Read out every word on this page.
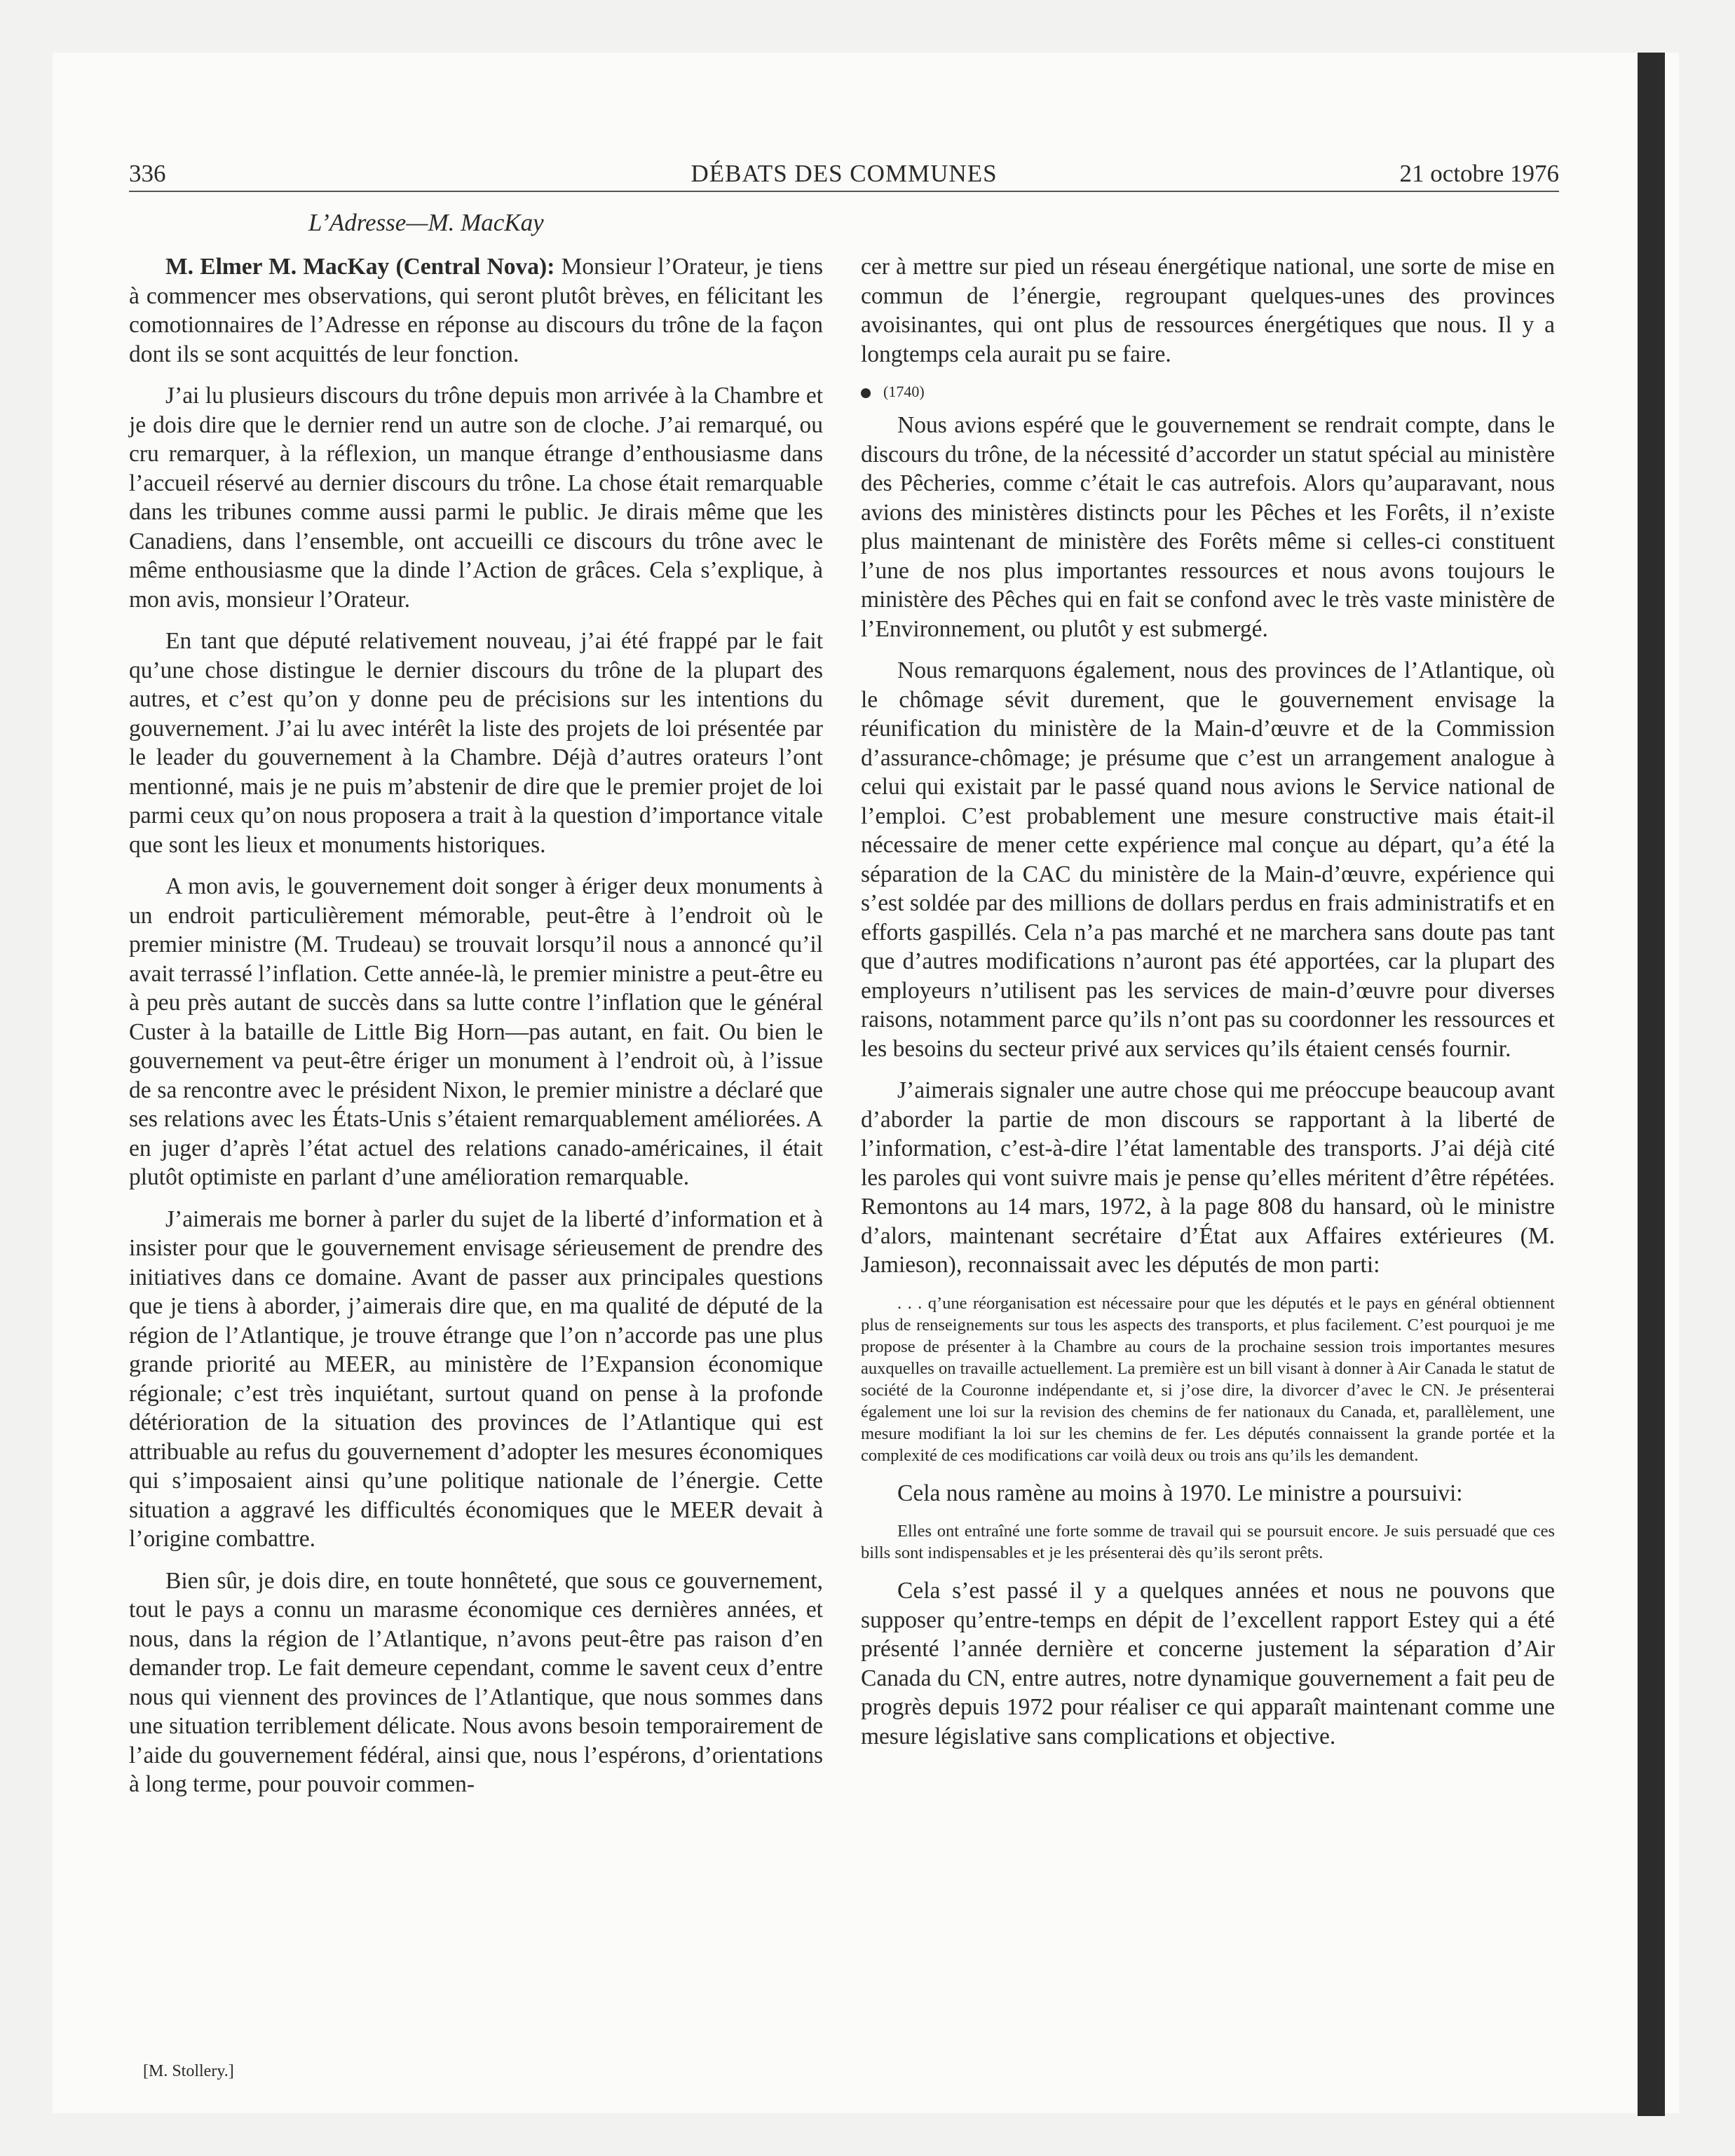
336	DÉBATS DES COMMUNES	21 octobre 1976
L’Adresse—M. MacKay

M. Elmer M. MacKay (Central Nova): Monsieur l’Orateur, je tiens à commencer mes observations, qui seront plutôt brèves, en félicitant les comotionnaires de l’Adresse en réponse au discours du trône de la façon dont ils se sont acquittés de leur fonction.

J’ai lu plusieurs discours du trône depuis mon arrivée à la Chambre et je dois dire que le dernier rend un autre son de cloche. J’ai remarqué, ou cru remarquer, à la réflexion, un manque étrange d’enthousiasme dans l’accueil réservé au dernier discours du trône. La chose était remarquable dans les tribunes comme aussi parmi le public. Je dirais même que les Canadiens, dans l’ensemble, ont accueilli ce discours du trône avec le même enthousiasme que la dinde l’Action de grâces. Cela s’explique, à mon avis, monsieur l’Orateur.

En tant que député relativement nouveau, j’ai été frappé par le fait qu’une chose distingue le dernier discours du trône de la plupart des autres, et c’est qu’on y donne peu de précisions sur les intentions du gouvernement. J’ai lu avec intérêt la liste des projets de loi présentée par le leader du gouvernement à la Chambre. Déjà d’autres orateurs l’ont mentionné, mais je ne puis m’abstenir de dire que le premier projet de loi parmi ceux qu’on nous proposera a trait à la question d’importance vitale que sont les lieux et monuments historiques.

A mon avis, le gouvernement doit songer à ériger deux monuments à un endroit particulièrement mémorable, peut-être à l’endroit où le premier ministre (M. Trudeau) se trouvait lorsqu’il nous a annoncé qu’il avait terrassé l’inflation. Cette année-là, le premier ministre a peut-être eu à peu près autant de succès dans sa lutte contre l’inflation que le général Custer à la bataille de Little Big Horn—pas autant, en fait. Ou bien le gouvernement va peut-être ériger un monument à l’endroit où, à l’issue de sa rencontre avec le président Nixon, le premier ministre a déclaré que ses relations avec les États-Unis s’étaient remarquablement améliorées. A en juger d’après l’état actuel des relations canado-américaines, il était plutôt optimiste en parlant d’une amélioration remarquable.

J’aimerais me borner à parler du sujet de la liberté d’information et à insister pour que le gouvernement envisage sérieusement de prendre des initiatives dans ce domaine. Avant de passer aux principales questions que je tiens à aborder, j’aimerais dire que, en ma qualité de député de la région de l’Atlantique, je trouve étrange que l’on n’accorde pas une plus grande priorité au MEER, au ministère de l’Expansion économique régionale; c’est très inquiétant, surtout quand on pense à la profonde détérioration de la situation des provinces de l’Atlantique qui est attribuable au refus du gouvernement d’adopter les mesures économiques qui s’imposaient ainsi qu’une politique nationale de l’énergie. Cette situation a aggravé les difficultés économiques que le MEER devait à l’origine combattre.

Bien sûr, je dois dire, en toute honnêteté, que sous ce gouvernement, tout le pays a connu un marasme économique ces dernières années, et nous, dans la région de l’Atlantique, n’avons peut-être pas raison d’en demander trop. Le fait demeure cependant, comme le savent ceux d’entre nous qui viennent des provinces de l’Atlantique, que nous sommes dans une situation terriblement délicate. Nous avons besoin temporairement de l’aide du gouvernement fédéral, ainsi que, nous l’espérons, d’orientations à long terme, pour pouvoir commen-

cer à mettre sur pied un réseau énergétique national, une sorte de mise en commun de l’énergie, regroupant quelques-unes des provinces avoisinantes, qui ont plus de ressources énergétiques que nous. Il y a longtemps cela aurait pu se faire.

(1740)

Nous avions espéré que le gouvernement se rendrait compte, dans le discours du trône, de la nécessité d’accorder un statut spécial au ministère des Pêcheries, comme c’était le cas autrefois. Alors qu’auparavant, nous avions des ministères distincts pour les Pêches et les Forêts, il n’existe plus maintenant de ministère des Forêts même si celles-ci constituent l’une de nos plus importantes ressources et nous avons toujours le ministère des Pêches qui en fait se confond avec le très vaste ministère de l’Environnement, ou plutôt y est submergé.

Nous remarquons également, nous des provinces de l’Atlantique, où le chômage sévit durement, que le gouvernement envisage la réunification du ministère de la Main-d’œuvre et de la Commission d’assurance-chômage; je présume que c’est un arrangement analogue à celui qui existait par le passé quand nous avions le Service national de l’emploi. C’est probablement une mesure constructive mais était-il nécessaire de mener cette expérience mal conçue au départ, qu’a été la séparation de la CAC du ministère de la Main-d’œuvre, expérience qui s’est soldée par des millions de dollars perdus en frais administratifs et en efforts gaspillés. Cela n’a pas marché et ne marchera sans doute pas tant que d’autres modifications n’auront pas été apportées, car la plupart des employeurs n’utilisent pas les services de main-d’œuvre pour diverses raisons, notamment parce qu’ils n’ont pas su coordonner les ressources et les besoins du secteur privé aux services qu’ils étaient censés fournir.

J’aimerais signaler une autre chose qui me préoccupe beaucoup avant d’aborder la partie de mon discours se rapportant à la liberté de l’information, c’est-à-dire l’état lamentable des transports. J’ai déjà cité les paroles qui vont suivre mais je pense qu’elles méritent d’être répétées. Remontons au 14 mars, 1972, à la page 808 du hansard, où le ministre d’alors, maintenant secrétaire d’État aux Affaires extérieures (M. Jamieson), reconnaissait avec les députés de mon parti:

. . . q’une réorganisation est nécessaire pour que les députés et le pays en général obtiennent plus de renseignements sur tous les aspects des transports, et plus facilement. C’est pourquoi je me propose de présenter à la Chambre au cours de la prochaine session trois importantes mesures auxquelles on travaille actuellement. La première est un bill visant à donner à Air Canada le statut de société de la Couronne indépendante et, si j’ose dire, la divorcer d’avec le CN. Je présenterai également une loi sur la revision des chemins de fer nationaux du Canada, et, parallèlement, une mesure modifiant la loi sur les chemins de fer. Les députés connaissent la grande portée et la complexité de ces modifications car voilà deux ou trois ans qu’ils les demandent.

Cela nous ramène au moins à 1970. Le ministre a poursuivi:

Elles ont entraîné une forte somme de travail qui se poursuit encore. Je suis persuadé que ces bills sont indispensables et je les présenterai dès qu’ils seront prêts.

Cela s’est passé il y a quelques années et nous ne pouvons que supposer qu’entre-temps en dépit de l’excellent rapport Estey qui a été présenté l’année dernière et concerne justement la séparation d’Air Canada du CN, entre autres, notre dynamique gouvernement a fait peu de progrès depuis 1972 pour réaliser ce qui apparaît maintenant comme une mesure législative sans complications et objective.

[M. Stollery.]
